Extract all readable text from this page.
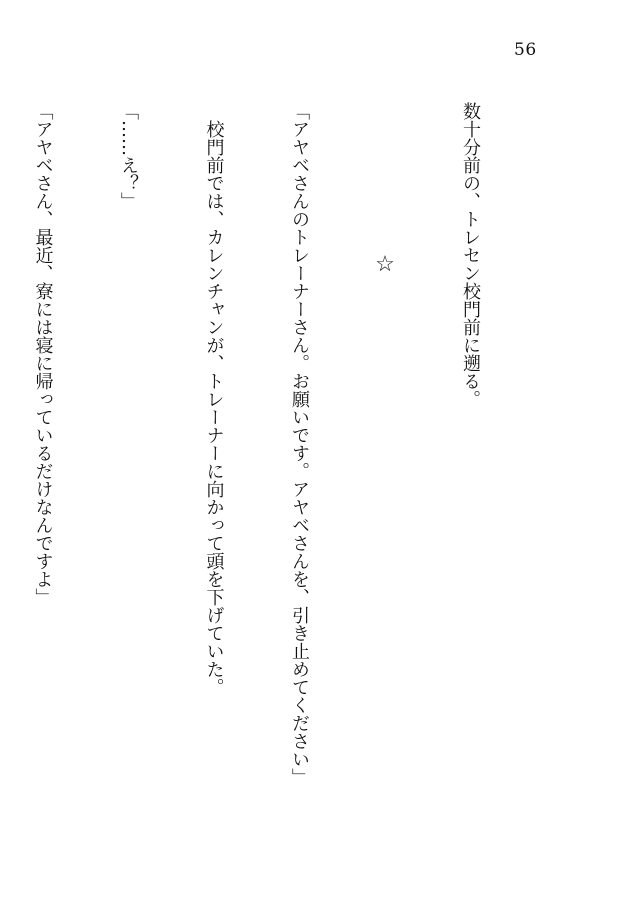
56

数十分前の、トレセン校門前に遡る。

☆

「アヤベさんのトレーナーさん。お願いです。アヤベさんを、引き止めてください」

校門前では、カレンチャンが、トレーナーに向かって頭を下げていた。

「……え？」

「アヤベさん、最近、寮には寝に帰っているだけなんですよ」
